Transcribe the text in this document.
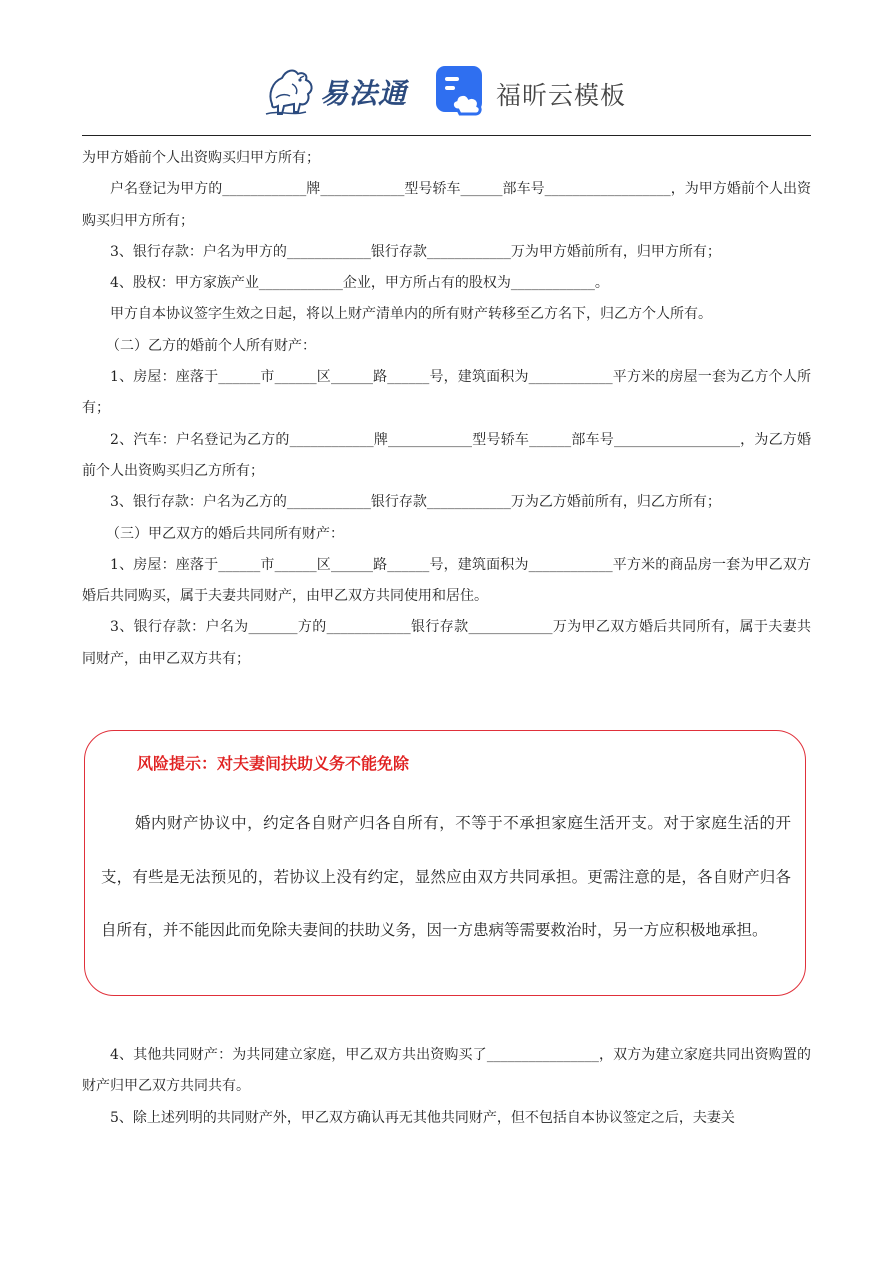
易法通	福昕云模板
为甲方婚前个人出资购买归甲方所有；
户名登记为甲方的____________牌____________型号轿车______部车号__________________，为甲方婚前个人出资购买归甲方所有；
3、银行存款：户名为甲方的____________银行存款____________万为甲方婚前所有，归甲方所有；
4、股权：甲方家族产业____________企业，甲方所占有的股权为____________。
甲方自本协议签字生效之日起，将以上财产清单内的所有财产转移至乙方名下，归乙方个人所有。
（二）乙方的婚前个人所有财产：
1、房屋：座落于______市______区______路______号，建筑面积为____________平方米的房屋一套为乙方个人所有；
2、汽车：户名登记为乙方的____________牌____________型号轿车______部车号__________________，为乙方婚前个人出资购买归乙方所有；
3、银行存款：户名为乙方的____________银行存款____________万为乙方婚前所有，归乙方所有；
（三）甲乙双方的婚后共同所有财产：
1、房屋：座落于______市______区______路______号，建筑面积为____________平方米的商品房一套为甲乙双方婚后共同购买，属于夫妻共同财产，由甲乙双方共同使用和居住。
3、银行存款：户名为_______方的____________银行存款____________万为甲乙双方婚后共同所有，属于夫妻共同财产，由甲乙双方共有；
风险提示：对夫妻间扶助义务不能免除
婚内财产协议中，约定各自财产归各自所有，不等于不承担家庭生活开支。对于家庭生活的开支，有些是无法预见的，若协议上没有约定，显然应由双方共同承担。更需注意的是，各自财产归各自所有，并不能因此而免除夫妻间的扶助义务，因一方患病等需要救治时，另一方应积极地承担。
4、其他共同财产：为共同建立家庭，甲乙双方共出资购买了________________，双方为建立家庭共同出资购置的财产归甲乙双方共同共有。
5、除上述列明的共同财产外，甲乙双方确认再无其他共同财产，但不包括自本协议签定之后，夫妻关
